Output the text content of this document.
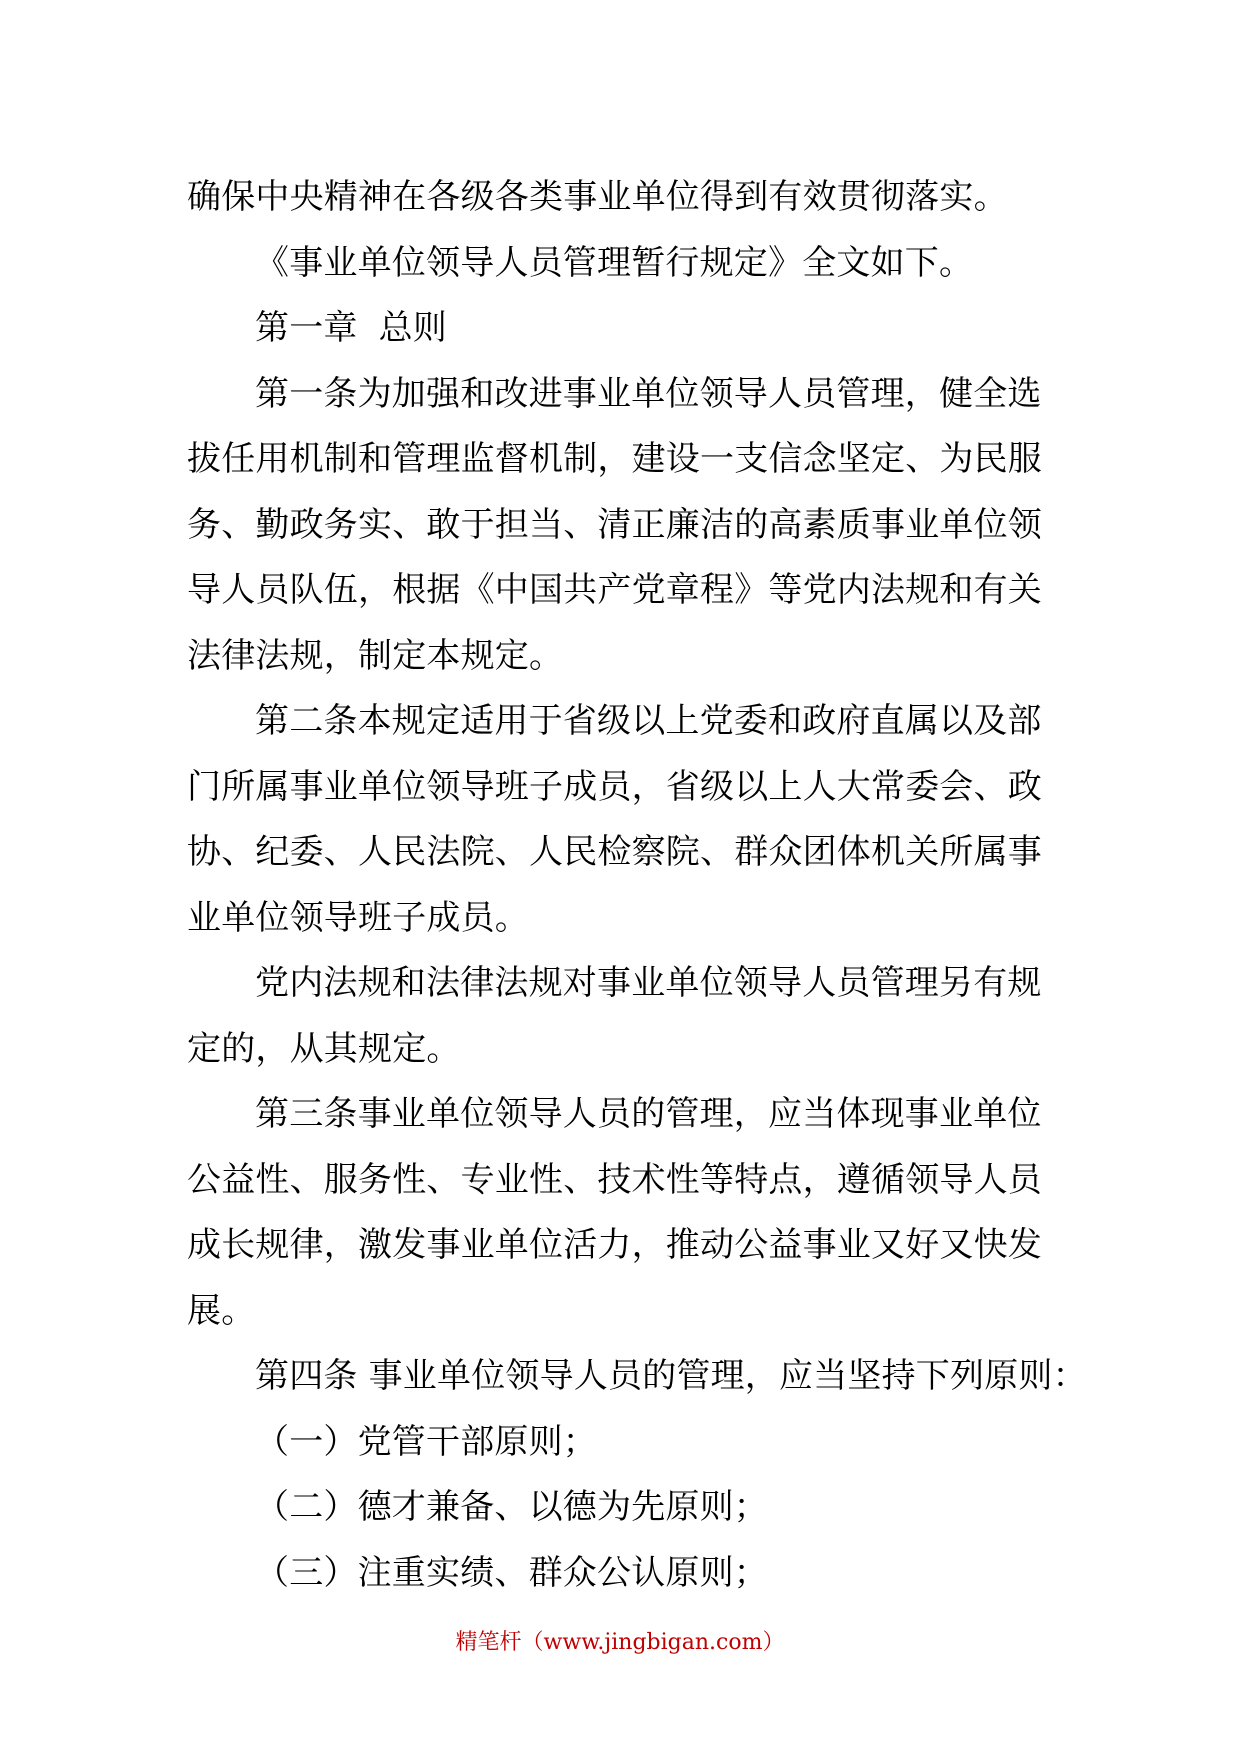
确保中央精神在各级各类事业单位得到有效贯彻落实。
《事业单位领导人员管理暂行规定》全文如下。
第一章 总则
第一条为加强和改进事业单位领导人员管理，健全选
拔任用机制和管理监督机制，建设一支信念坚定、为民服
务、勤政务实、敢于担当、清正廉洁的高素质事业单位领
导人员队伍，根据《中国共产党章程》等党内法规和有关
法律法规，制定本规定。
第二条本规定适用于省级以上党委和政府直属以及部
门所属事业单位领导班子成员，省级以上人大常委会、政
协、纪委、人民法院、人民检察院、群众团体机关所属事
业单位领导班子成员。
党内法规和法律法规对事业单位领导人员管理另有规
定的，从其规定。
第三条事业单位领导人员的管理，应当体现事业单位
公益性、服务性、专业性、技术性等特点，遵循领导人员
成长规律，激发事业单位活力，推动公益事业又好又快发
展。
第四条 事业单位领导人员的管理，应当坚持下列原则：
（一）党管干部原则；
（二）德才兼备、以德为先原则；
（三）注重实绩、群众公认原则；
精笔杆（www.jingbigan.com）
